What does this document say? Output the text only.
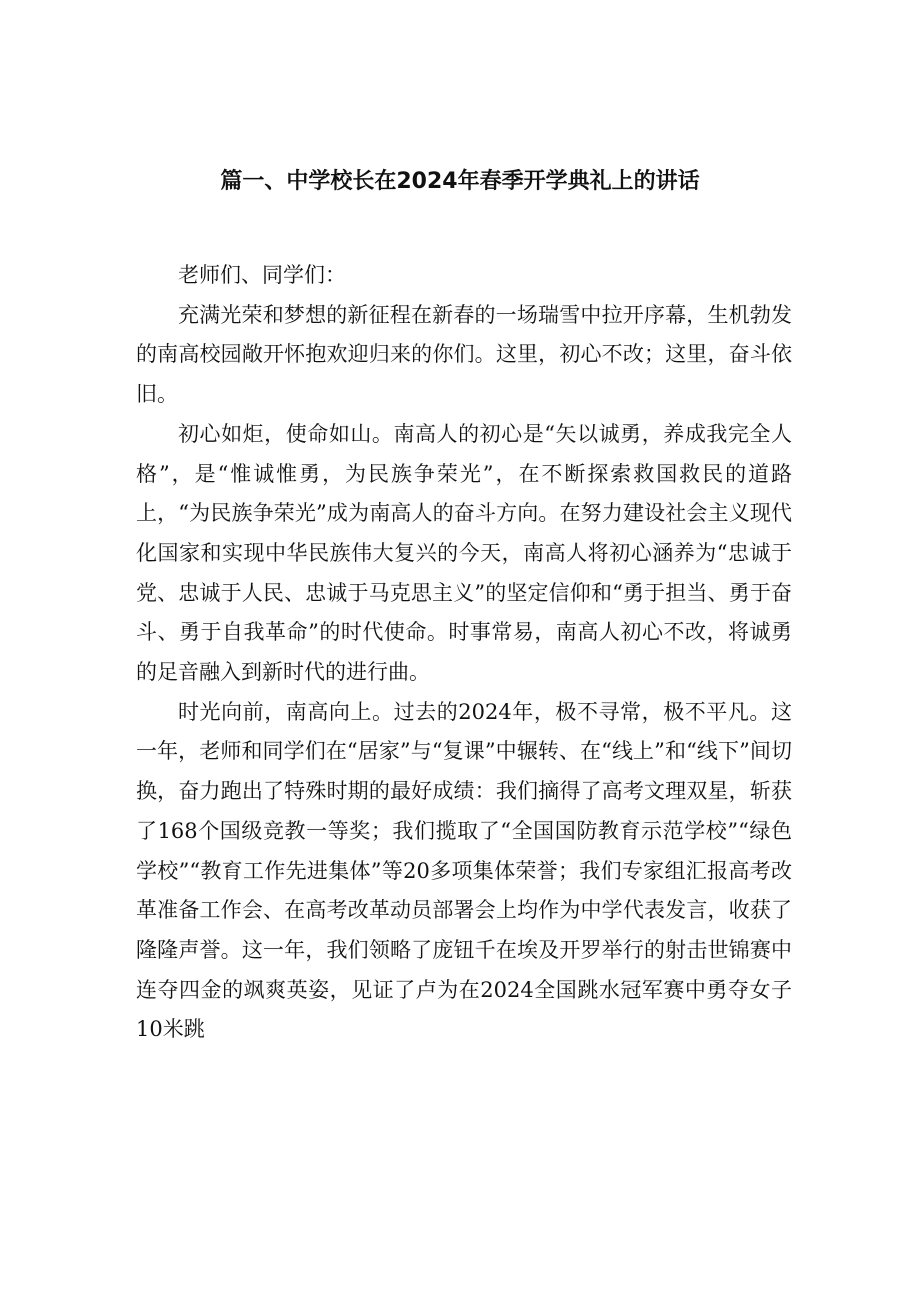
篇一、中学校长在2024年春季开学典礼上的讲话

老师们、同学们：

充满光荣和梦想的新征程在新春的一场瑞雪中拉开序幕，生机勃发的南高校园敞开怀抱欢迎归来的你们。这里，初心不改；这里，奋斗依旧。

初心如炬，使命如山。南高人的初心是“矢以诚勇，养成我完全人格”，是“惟诚惟勇，为民族争荣光”，在不断探索救国救民的道路上，“为民族争荣光”成为南高人的奋斗方向。在努力建设社会主义现代化国家和实现中华民族伟大复兴的今天，南高人将初心涵养为“忠诚于党、忠诚于人民、忠诚于马克思主义”的坚定信仰和“勇于担当、勇于奋斗、勇于自我革命”的时代使命。时事常易，南高人初心不改，将诚勇的足音融入到新时代的进行曲。

时光向前，南高向上。过去的2024年，极不寻常，极不平凡。这一年，老师和同学们在“居家”与“复课”中辗转、在“线上”和“线下”间切换，奋力跑出了特殊时期的最好成绩：我们摘得了高考文理双星，斩获了168个国级竞教一等奖；我们揽取了“全国国防教育示范学校”“绿色学校”“教育工作先进集体”等20多项集体荣誉；我们专家组汇报高考改革准备工作会、在高考改革动员部署会上均作为中学代表发言，收获了隆隆声誉。这一年，我们领略了庞钮千在埃及开罗举行的射击世锦赛中连夺四金的飒爽英姿，见证了卢为在2024全国跳水冠军赛中勇夺女子10米跳
